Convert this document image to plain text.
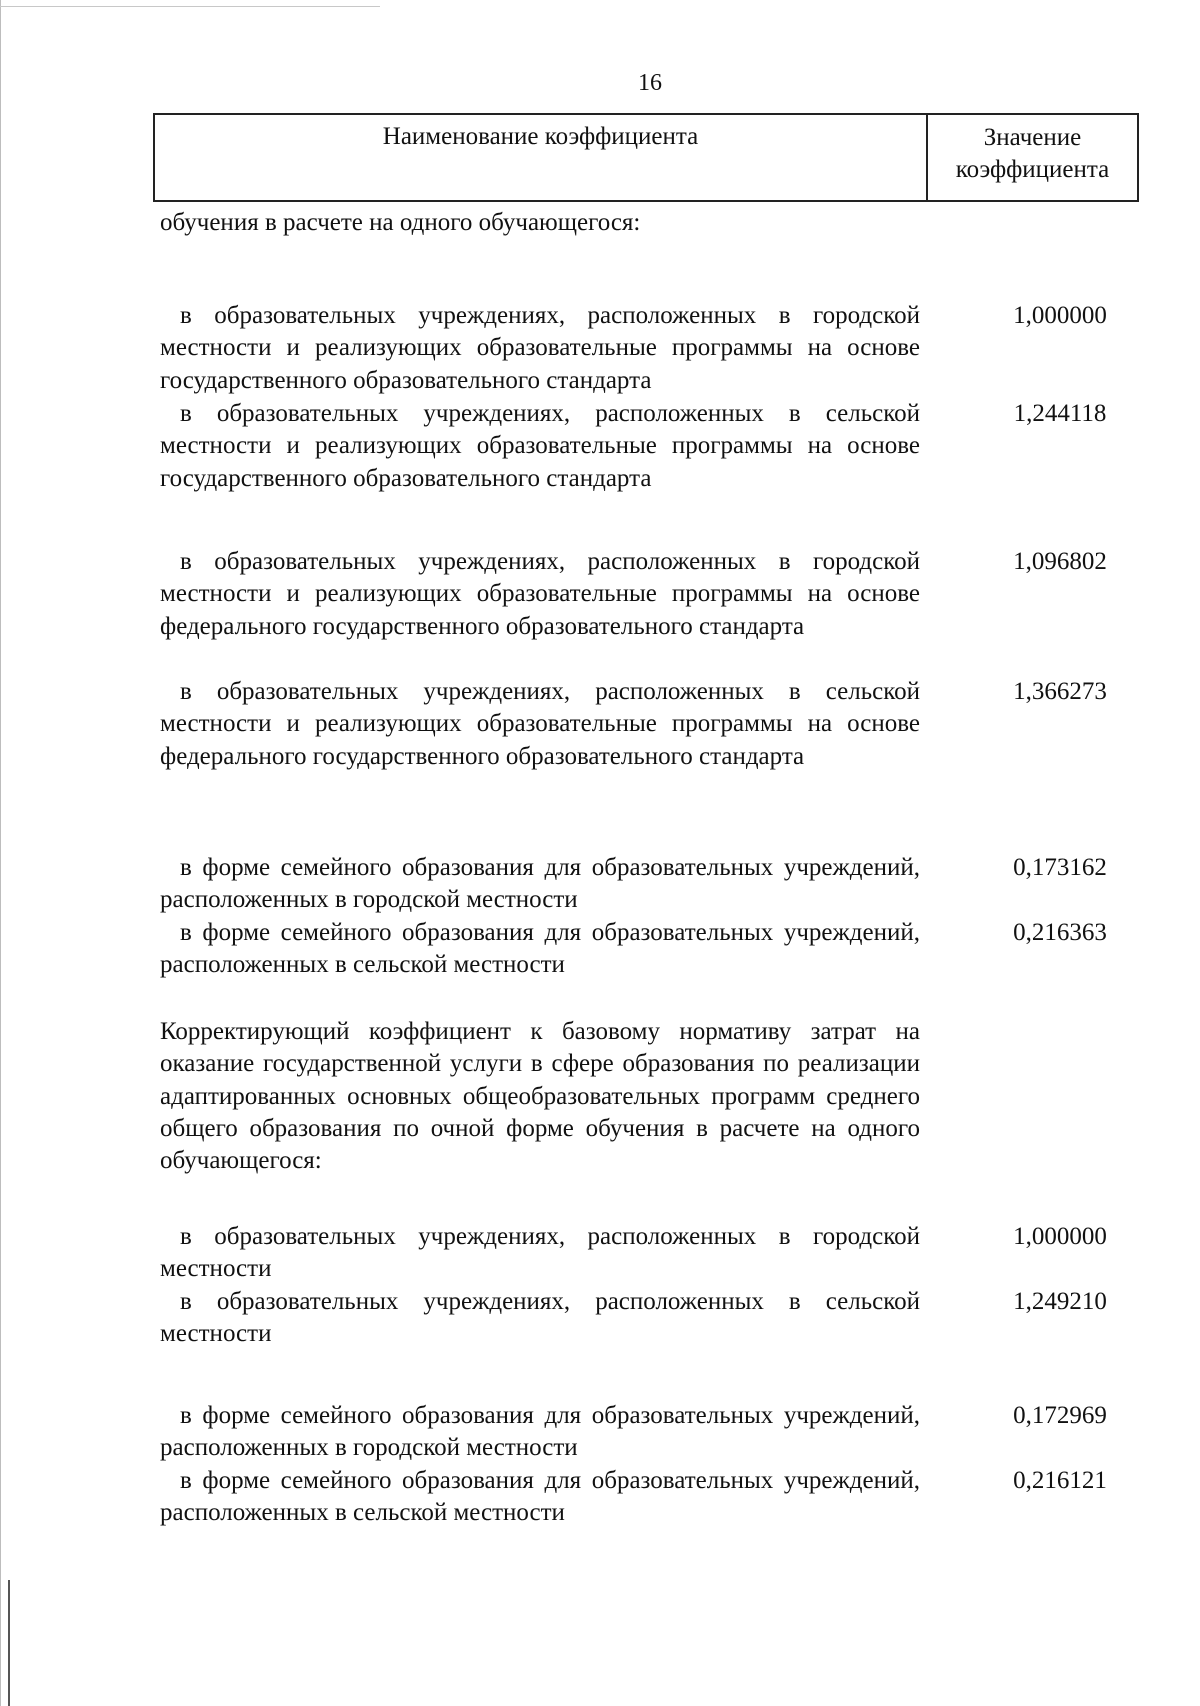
16
Наименование коэффициента	Значение
коэффициента
обучения в расчете на одного обучающегося:
в образовательных учреждениях, расположенных в городской местности и реализующих образовательные программы на основе государственного образовательного стандарта
1,000000
в образовательных учреждениях, расположенных в сельской местности и реализующих образовательные программы на основе государственного образовательного стандарта
1,244118
в образовательных учреждениях, расположенных в городской местности и реализующих образовательные программы на основе федерального государственного образовательного стандарта
1,096802
в образовательных учреждениях, расположенных в сельской местности и реализующих образовательные программы на основе федерального государственного образовательного стандарта
1,366273
в форме семейного образования для образовательных учреждений, расположенных в городской местности
0,173162
в форме семейного образования для образовательных учреждений, расположенных в сельской местности
0,216363
Корректирующий коэффициент к базовому нормативу затрат на оказание государственной услуги в сфере образования по реализации адаптированных основных общеобразовательных программ среднего общего образования по очной форме обучения в расчете на одного обучающегося:
в образовательных учреждениях, расположенных в городской местности
1,000000
в образовательных учреждениях, расположенных в сельской местности
1,249210
в форме семейного образования для образовательных учреждений, расположенных в городской местности
0,172969
в форме семейного образования для образовательных учреждений, расположенных в сельской местности
0,216121
